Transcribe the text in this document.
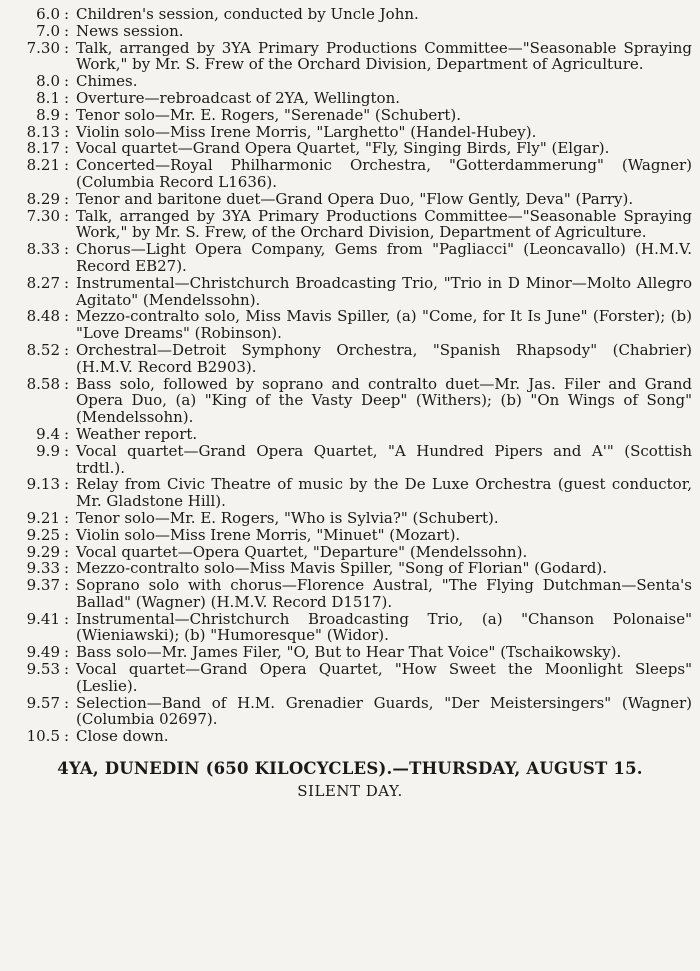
6.0 : Children's session, conducted by Uncle John.
7.0 : News session.
7.30 : Talk, arranged by 3YA Primary Productions Committee—"Seasonable Spraying Work," by Mr. S. Frew of the Orchard Division, Department of Agriculture.
8.0 : Chimes.
8.1 : Overture—rebroadcast of 2YA, Wellington.
8.9 : Tenor solo—Mr. E. Rogers, "Serenade" (Schubert).
8.13 : Violin solo—Miss Irene Morris, "Larghetto" (Handel-Hubey).
8.17 : Vocal quartet—Grand Opera Quartet, "Fly, Singing Birds, Fly" (Elgar).
8.21 : Concerted—Royal Philharmonic Orchestra, "Gotterdammerung" (Wagner) (Columbia Record L1636).
8.29 : Tenor and baritone duet—Grand Opera Duo, "Flow Gently, Deva" (Parry).
7.30 : Talk, arranged by 3YA Primary Productions Committee—"Seasonable Spraying Work," by Mr. S. Frew, of the Orchard Division, Department of Agriculture.
8.33 : Chorus—Light Opera Company, Gems from "Pagliacci" (Leoncavallo) (H.M.V. Record EB27).
8.27 : Instrumental—Christchurch Broadcasting Trio, "Trio in D Minor—Molto Allegro Agitato" (Mendelssohn).
8.48 : Mezzo-contralto solo, Miss Mavis Spiller, (a) "Come, for It Is June" (Forster); (b) "Love Dreams" (Robinson).
8.52 : Orchestral—Detroit Symphony Orchestra, "Spanish Rhapsody" (Chabrier) (H.M.V. Record B2903).
8.58 : Bass solo, followed by soprano and contralto duet—Mr. Jas. Filer and Grand Opera Duo, (a) "King of the Vasty Deep" (Withers); (b) "On Wings of Song" (Mendelssohn).
9.4 : Weather report.
9.9 : Vocal quartet—Grand Opera Quartet, "A Hundred Pipers and A'" (Scottish trdtl.).
9.13 : Relay from Civic Theatre of music by the De Luxe Orchestra (guest conductor, Mr. Gladstone Hill).
9.21 : Tenor solo—Mr. E. Rogers, "Who is Sylvia?" (Schubert).
9.25 : Violin solo—Miss Irene Morris, "Minuet" (Mozart).
9.29 : Vocal quartet—Opera Quartet, "Departure" (Mendelssohn).
9.33 : Mezzo-contralto solo—Miss Mavis Spiller, "Song of Florian" (Godard).
9.37 : Soprano solo with chorus—Florence Austral, "The Flying Dutchman—Senta's Ballad" (Wagner) (H.M.V. Record D1517).
9.41 : Instrumental—Christchurch Broadcasting Trio, (a) "Chanson Polonaise" (Wieniawski); (b) "Humoresque" (Widor).
9.49 : Bass solo—Mr. James Filer, "O, But to Hear That Voice" (Tschaikowsky).
9.53 : Vocal quartet—Grand Opera Quartet, "How Sweet the Moonlight Sleeps" (Leslie).
9.57 : Selection—Band of H.M. Grenadier Guards, "Der Meistersingers" (Wagner) (Columbia 02697).
10.5 : Close down.
4YA, DUNEDIN (650 KILOCYCLES).—THURSDAY, AUGUST 15.
SILENT DAY.
